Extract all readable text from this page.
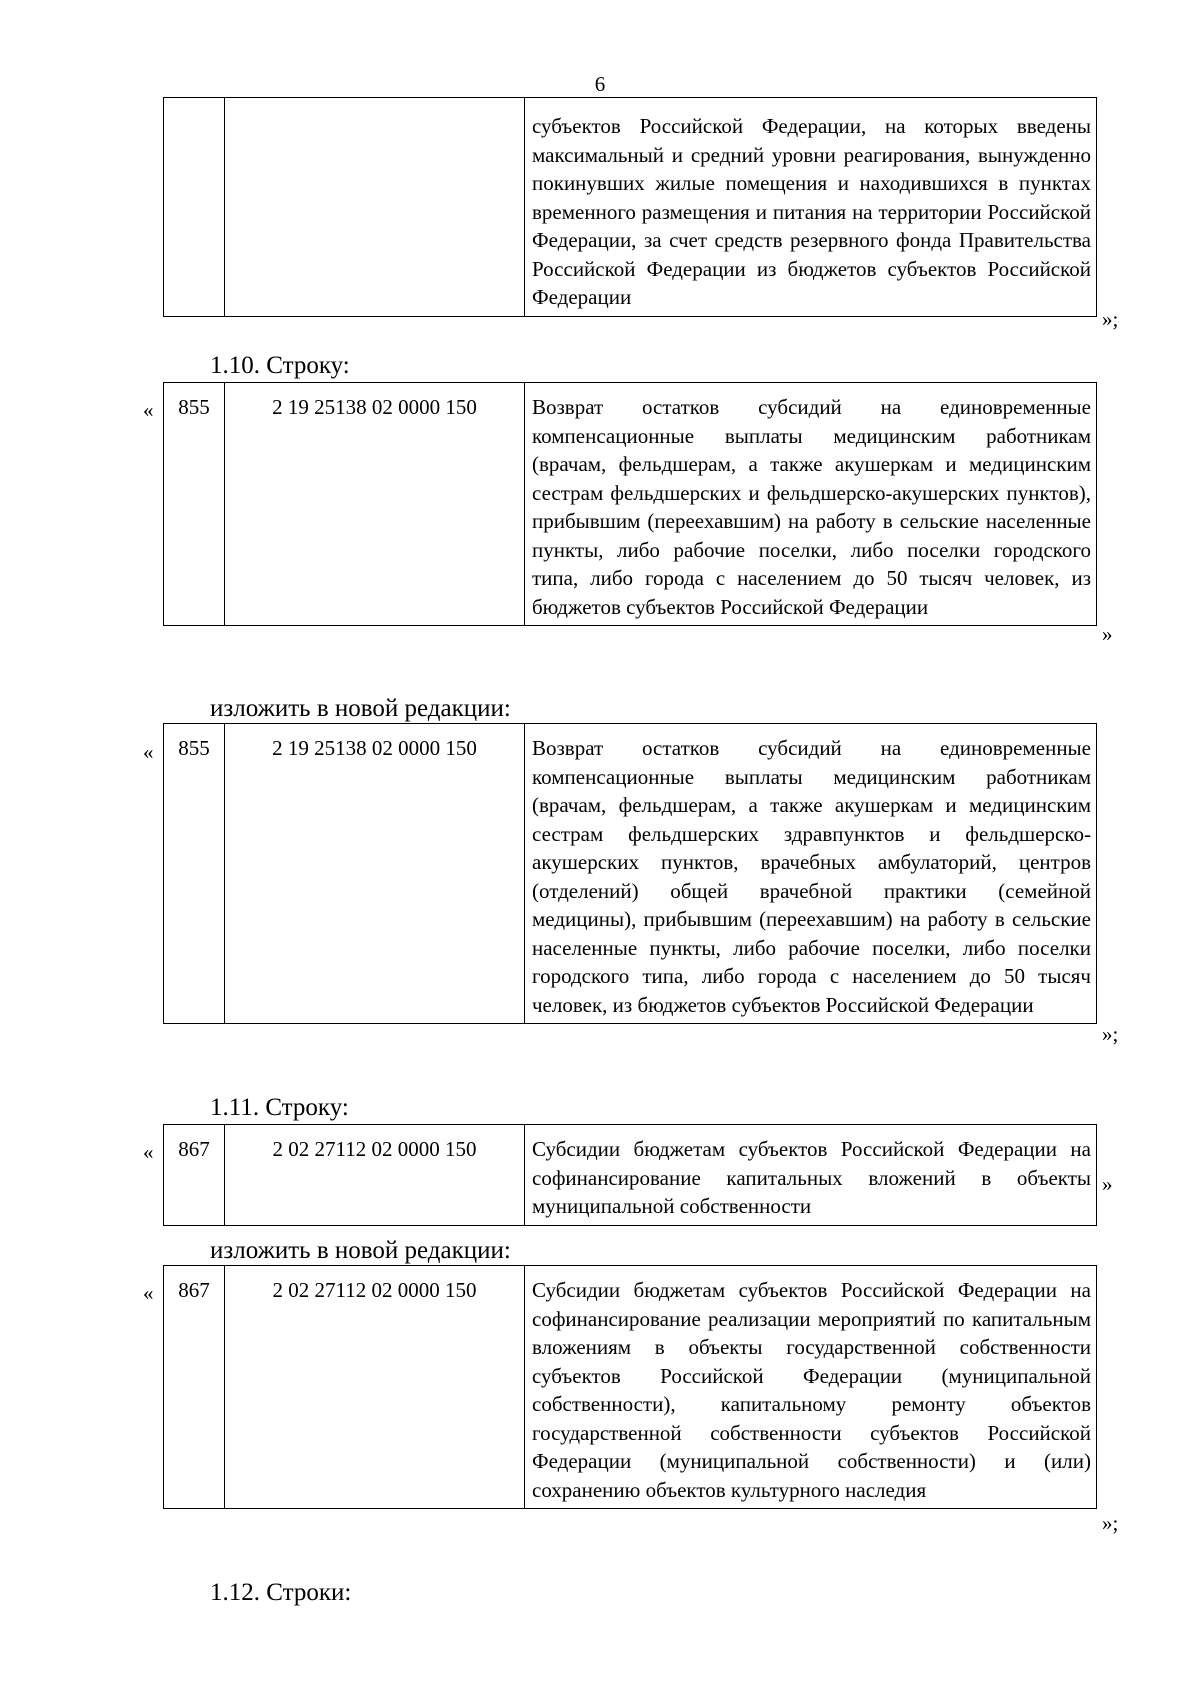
6
		субъектов Российской Федерации, на которых введены максимальный и средний уровни реагирования, вынужденно покинувших жилые помещения и находившихся в пунктах временного размещения и питания на территории Российской Федерации, за счет средств резервного фонда Правительства Российской Федерации из бюджетов субъектов Российской Федерации
»;
1.10. Строку:
« 855	2 19 25138 02 0000 150	Возврат остатков субсидий на единовременные компенсационные выплаты медицинским работникам (врачам, фельдшерам, а также акушеркам и медицинским сестрам фельдшерских и фельдшерско-акушерских пунктов), прибывшим (переехавшим) на работу в сельские населенные пункты, либо рабочие поселки, либо поселки городского типа, либо города с населением до 50 тысяч человек, из бюджетов субъектов Российской Федерации
»
изложить в новой редакции:
« 855	2 19 25138 02 0000 150	Возврат остатков субсидий на единовременные компенсационные выплаты медицинским работникам (врачам, фельдшерам, а также акушеркам и медицинским сестрам фельдшерских здравпунктов и фельдшерско-акушерских пунктов, врачебных амбулаторий, центров (отделений) общей врачебной практики (семейной медицины), прибывшим (переехавшим) на работу в сельские населенные пункты, либо рабочие поселки, либо поселки городского типа, либо города с населением до 50 тысяч человек, из бюджетов субъектов Российской Федерации
»;
1.11. Строку:
« 867	2 02 27112 02 0000 150	Субсидии бюджетам субъектов Российской Федерации на софинансирование капитальных вложений в объекты муниципальной собственности
»
изложить в новой редакции:
« 867	2 02 27112 02 0000 150	Субсидии бюджетам субъектов Российской Федерации на софинансирование реализации мероприятий по капитальным вложениям в объекты государственной собственности субъектов Российской Федерации (муниципальной собственности), капитальному ремонту объектов государственной собственности субъектов Российской Федерации (муниципальной собственности) и (или) сохранению объектов культурного наследия
»;
1.12. Строки:
